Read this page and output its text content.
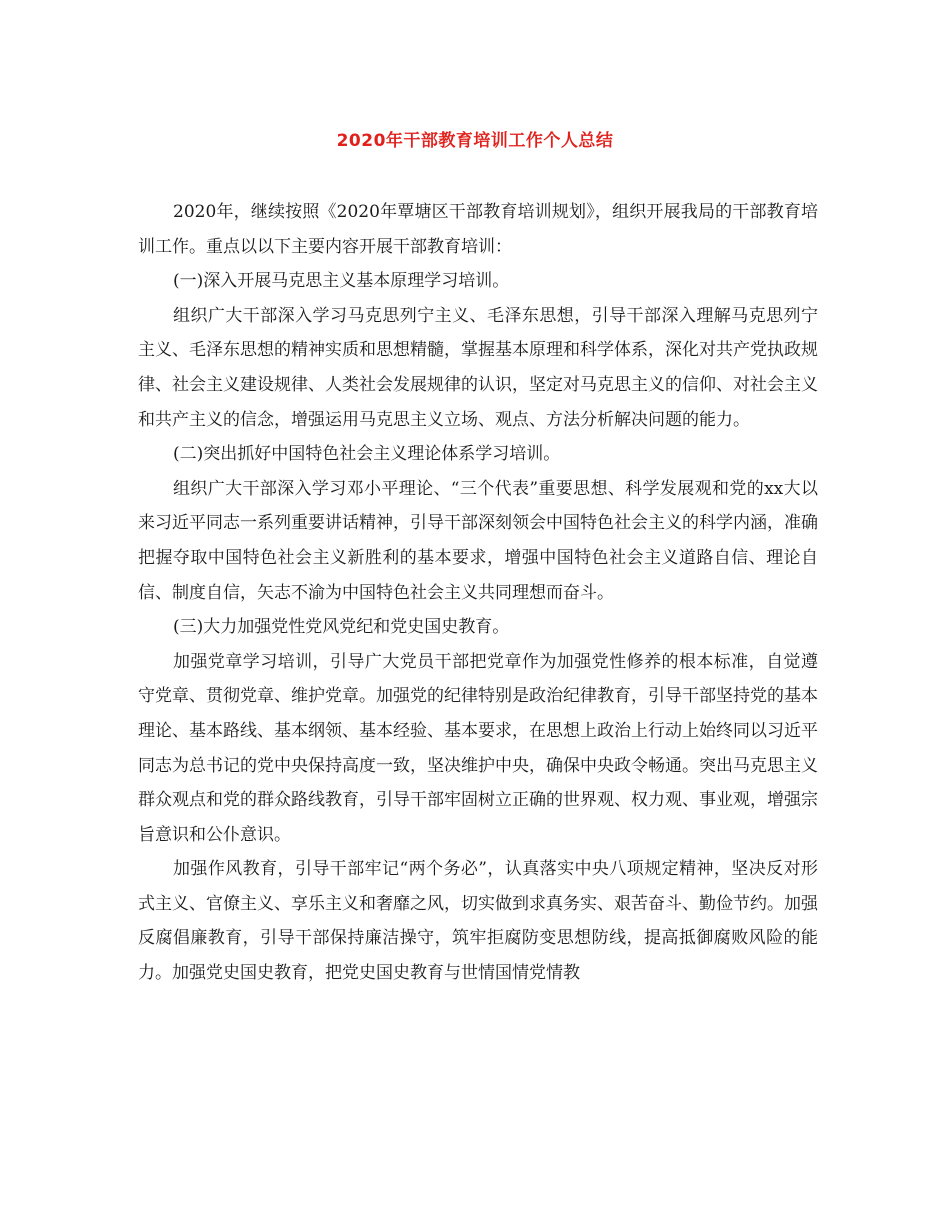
2020年干部教育培训工作个人总结

2020年，继续按照《2020年覃塘区干部教育培训规划》，组织开展我局的干部教育培训工作。重点以以下主要内容开展干部教育培训：

(一)深入开展马克思主义基本原理学习培训。

组织广大干部深入学习马克思列宁主义、毛泽东思想，引导干部深入理解马克思列宁主义、毛泽东思想的精神实质和思想精髓，掌握基本原理和科学体系，深化对共产党执政规律、社会主义建设规律、人类社会发展规律的认识，坚定对马克思主义的信仰、对社会主义和共产主义的信念，增强运用马克思主义立场、观点、方法分析解决问题的能力。

(二)突出抓好中国特色社会主义理论体系学习培训。

组织广大干部深入学习邓小平理论、“三个代表”重要思想、科学发展观和党的xx大以来习近平同志一系列重要讲话精神，引导干部深刻领会中国特色社会主义的科学内涵，准确把握夺取中国特色社会主义新胜利的基本要求，增强中国特色社会主义道路自信、理论自信、制度自信，矢志不渝为中国特色社会主义共同理想而奋斗。

(三)大力加强党性党风党纪和党史国史教育。

加强党章学习培训，引导广大党员干部把党章作为加强党性修养的根本标准，自觉遵守党章、贯彻党章、维护党章。加强党的纪律特别是政治纪律教育，引导干部坚持党的基本理论、基本路线、基本纲领、基本经验、基本要求，在思想上政治上行动上始终同以习近平同志为总书记的党中央保持高度一致，坚决维护中央，确保中央政令畅通。突出马克思主义群众观点和党的群众路线教育，引导干部牢固树立正确的世界观、权力观、事业观，增强宗旨意识和公仆意识。

加强作风教育，引导干部牢记“两个务必”，认真落实中央八项规定精神，坚决反对形式主义、官僚主义、享乐主义和奢靡之风，切实做到求真务实、艰苦奋斗、勤俭节约。加强反腐倡廉教育，引导干部保持廉洁操守，筑牢拒腐防变思想防线，提高抵御腐败风险的能力。加强党史国史教育，把党史国史教育与世情国情党情教
